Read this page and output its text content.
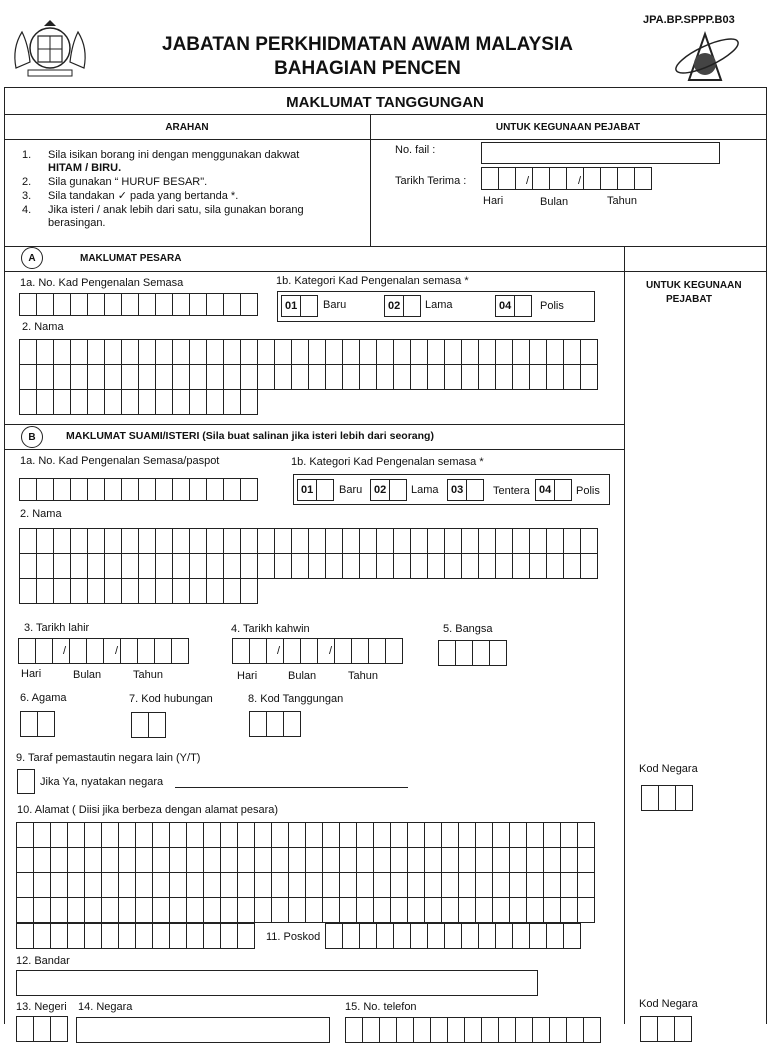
JPA.BP.SPPP.B03
JABATAN PERKHIDMATAN AWAM MALAYSIA
BAHAGIAN PENCEN
MAKLUMAT TANGGUNGAN
ARAHAN	UNTUK KEGUNAAN PEJABAT
1. Sila isikan borang ini dengan menggunakan dakwat
HITAM / BIRU.
2. Sila gunakan “ HURUF BESAR".
3. Sila tandakan ✓ pada yang bertanda *.
4. Jika isteri / anak lebih dari satu, sila gunakan borang
berasingan.
No. fail :
Tarikh Terima :	/	/
Hari	Bulan	Tahun
A	MAKLUMAT PESARA
UNTUK KEGUNAAN
PEJABAT
1a. No. Kad Pengenalan Semasa	1b. Kategori Kad Pengenalan semasa *
01	Baru	02	Lama	04	Polis
2. Nama
B	MAKLUMAT SUAMI/ISTERI (Sila buat salinan jika isteri lebih dari seorang)
1a. No. Kad Pengenalan Semasa/paspot	1b. Kategori Kad Pengenalan semasa *
01	Baru 02	Lama 03	Tentera 04	Polis
2. Nama
3. Tarikh lahir
/	/
Hari	Bulan	Tahun
4. Tarikh kahwin
/	/
Hari	Bulan	Tahun
5. Bangsa
6. Agama	7. Kod hubungan	8. Kod Tanggungan
9. Taraf pemastautin negara lain (Y/T)
Jika Ya, nyatakan negara
Kod Negara
10. Alamat ( Diisi jika berbeza dengan alamat pesara)
11. Poskod
12. Bandar
13. Negeri 14. Negara	15. No. telefon	Kod Negara
